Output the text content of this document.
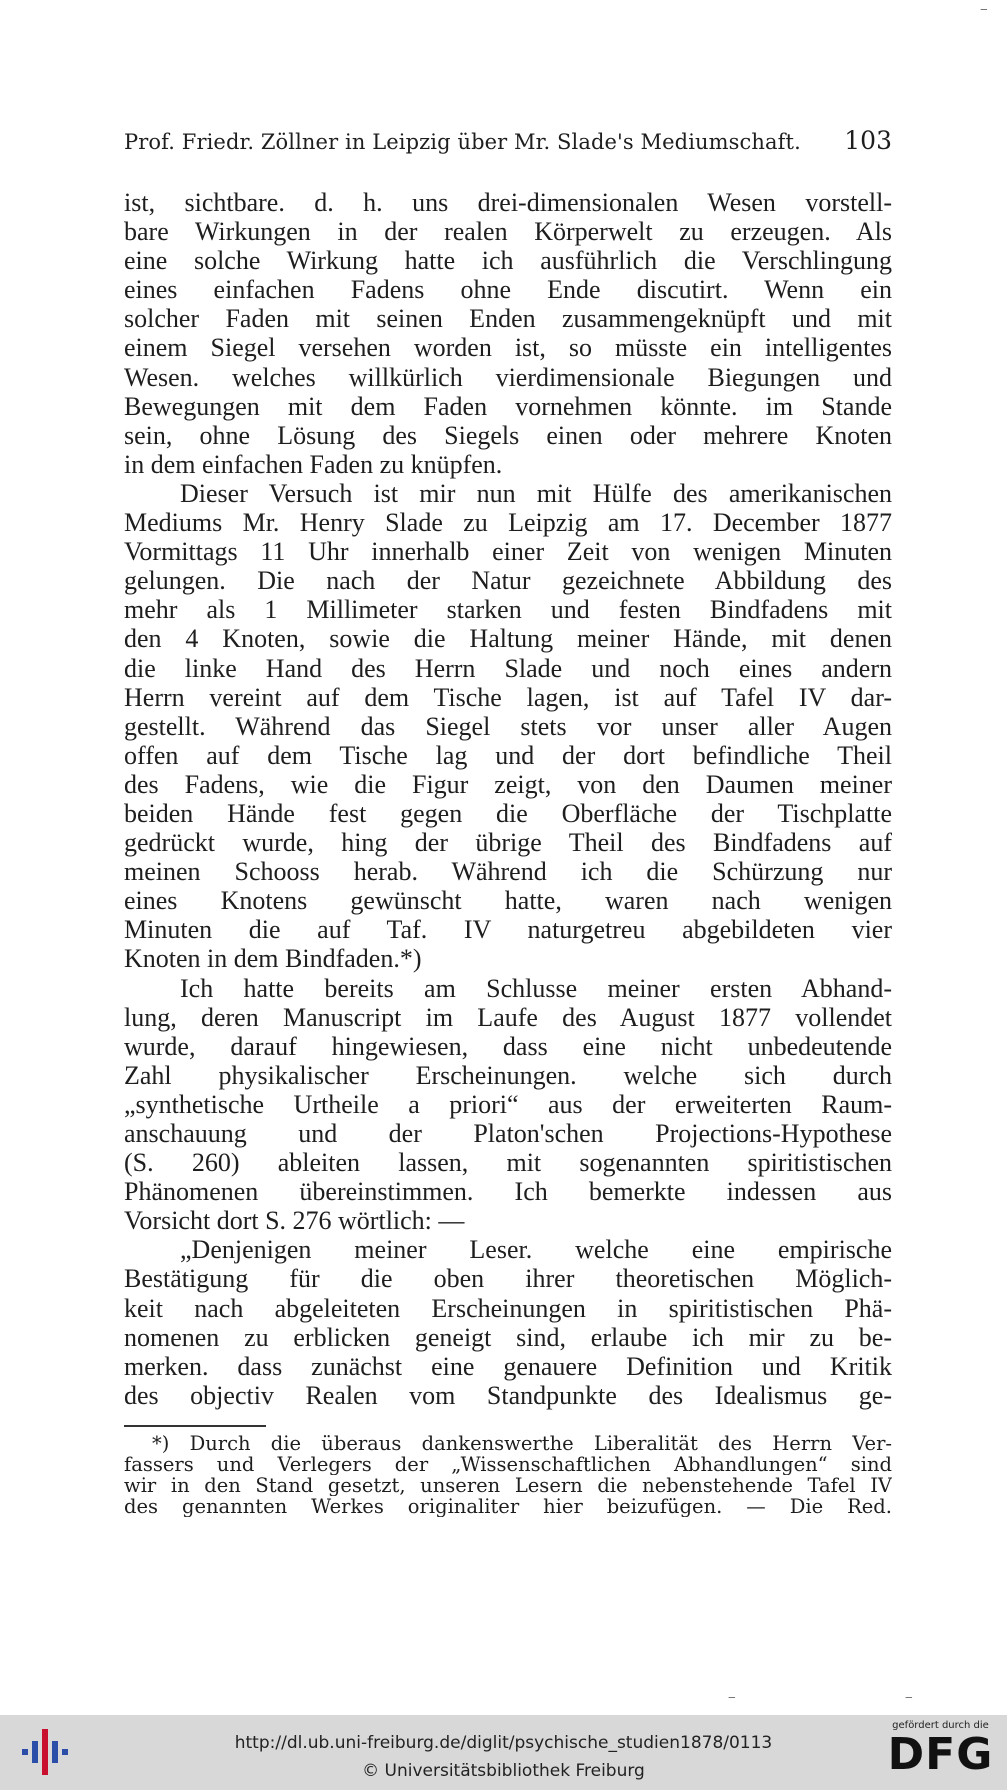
Prof. Friedr. Zöllner in Leipzig über Mr. Slade's Mediumschaft. 103
ist, sichtbare. d. h. uns drei-dimensionalen Wesen vorstell-
bare Wirkungen in der realen Körperwelt zu erzeugen. Als
eine solche Wirkung hatte ich ausführlich die Verschlingung
eines einfachen Fadens ohne Ende discutirt. Wenn ein
solcher Faden mit seinen Enden zusammengeknüpft und mit
einem Siegel versehen worden ist, so müsste ein intelligentes
Wesen. welches willkürlich vierdimensionale Biegungen und
Bewegungen mit dem Faden vornehmen könnte. im Stande
sein, ohne Lösung des Siegels einen oder mehrere Knoten
in dem einfachen Faden zu knüpfen.
Dieser Versuch ist mir nun mit Hülfe des amerikanischen
Mediums Mr. Henry Slade zu Leipzig am 17. December 1877
Vormittags 11 Uhr innerhalb einer Zeit von wenigen Minuten
gelungen. Die nach der Natur gezeichnete Abbildung des
mehr als 1 Millimeter starken und festen Bindfadens mit
den 4 Knoten, sowie die Haltung meiner Hände, mit denen
die linke Hand des Herrn Slade und noch eines andern
Herrn vereint auf dem Tische lagen, ist auf Tafel IV dar-
gestellt. Während das Siegel stets vor unser aller Augen
offen auf dem Tische lag und der dort befindliche Theil
des Fadens, wie die Figur zeigt, von den Daumen meiner
beiden Hände fest gegen die Oberfläche der Tischplatte
gedrückt wurde, hing der übrige Theil des Bindfadens auf
meinen Schooss herab. Während ich die Schürzung nur
eines Knotens gewünscht hatte, waren nach wenigen
Minuten die auf Taf. IV naturgetreu abgebildeten vier
Knoten in dem Bindfaden.*)
Ich hatte bereits am Schlusse meiner ersten Abhand-
lung, deren Manuscript im Laufe des August 1877 vollendet
wurde, darauf hingewiesen, dass eine nicht unbedeutende
Zahl physikalischer Erscheinungen. welche sich durch
„synthetische Urtheile a priori“ aus der erweiterten Raum-
anschauung und der Platon'schen Projections-Hypothese
(S. 260) ableiten lassen, mit sogenannten spiritistischen
Phänomenen übereinstimmen. Ich bemerkte indessen aus
Vorsicht dort S. 276 wörtlich: —
„Denjenigen meiner Leser. welche eine empirische
Bestätigung für die oben ihrer theoretischen Möglich-
keit nach abgeleiteten Erscheinungen in spiritistischen Phä-
nomenen zu erblicken geneigt sind, erlaube ich mir zu be-
merken. dass zunächst eine genauere Definition und Kritik
des objectiv Realen vom Standpunkte des Idealismus ge-
*) Durch die überaus dankenswerthe Liberalität des Herrn Ver-
fassers und Verlegers der „Wissenschaftlichen Abhandlungen“ sind
wir in den Stand gesetzt, unseren Lesern die nebenstehende Tafel IV
des genannten Werkes originaliter hier beizufügen. — Die Red.
‒
‒	‒
http://dl.ub.uni-freiburg.de/diglit/psychische_studien1878/0113
© Universitätsbibliothek Freiburg
gefördert durch die
DFG
